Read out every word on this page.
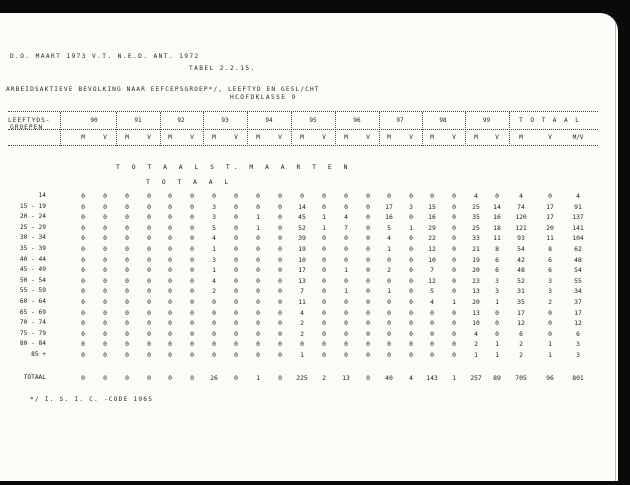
D.O. MAART 1973 V.T. N.E.D. ANT. 1972
TABEL 2.2.15.
ARBEIDSAKTIEVE BEVOLKING NAAR EEFCEPSGROEP*/, LEEFTYD EN GESL/CHT
HCOFDKLASSE 9
LEEFTYDS-
GROEPEN
T O T A A L S T. M A A R T E N
T O T A A L
*/ I. S. I. C. -CODE 1965
90	91	92	93	94	95	96	97	98	99	T O T A A L
M	V	M	V	M	V	M	V	M	V	M	V	M	V	M	V	M	V	M	V	M	V	M/V
14	0	0	0	0	0	0	0	0	0	0	0	0	0	0	0	0	0	0	4	0	4	0	4
15 - 19	0	0	0	0	0	0	3	0	0	0	14	0	0	0	17	3	15	0	25	14	74	17	91
20 - 24	0	0	0	0	0	0	3	0	1	0	45	1	4	0	16	0	16	0	35	16	120	17	137
25 - 29	0	0	0	0	0	0	5	0	1	0	52	1	7	0	5	1	29	0	25	18	121	20	141
30 - 34	0	0	0	0	0	0	4	0	0	0	39	0	0	0	4	0	22	0	33	11	93	11	104
35 - 39	0	0	0	0	0	0	1	0	0	0	19	0	0	0	1	0	12	0	21	8	54	8	62
40 - 44	0	0	0	0	0	0	3	0	0	0	10	0	0	0	0	0	10	0	19	6	42	6	48
45 - 49	0	0	0	0	0	0	1	0	0	0	17	0	1	0	2	0	7	0	20	6	48	6	54
50 - 54	0	0	0	0	0	0	4	0	0	0	13	0	0	0	0	0	12	0	23	3	52	3	55
55 - 59	0	0	0	0	0	0	2	0	0	0	7	0	1	0	1	0	5	0	13	3	31	3	34
60 - 64	0	0	0	0	0	0	0	0	0	0	11	0	0	0	0	0	4	1	20	1	35	2	37
65 - 69	0	0	0	0	0	0	0	0	0	0	4	0	0	0	0	0	0	0	13	0	17	0	17
70 - 74	0	0	0	0	0	0	0	0	0	0	2	0	0	0	0	0	0	0	10	0	12	0	12
75 - 79	0	0	0	0	0	0	0	0	0	0	2	0	0	0	0	0	0	0	4	0	6	0	6
80 - 84	0	0	0	0	0	0	0	0	0	0	0	0	0	0	0	0	0	0	2	1	2	1	3
85 +	0	0	0	0	0	0	0	0	0	0	1	0	0	0	0	0	0	0	1	1	2	1	3
TOTAAL	0	0	0	0	0	0	26	0	1	0	225	2	13	0	40	4	143	1	257	89	705	96	801
